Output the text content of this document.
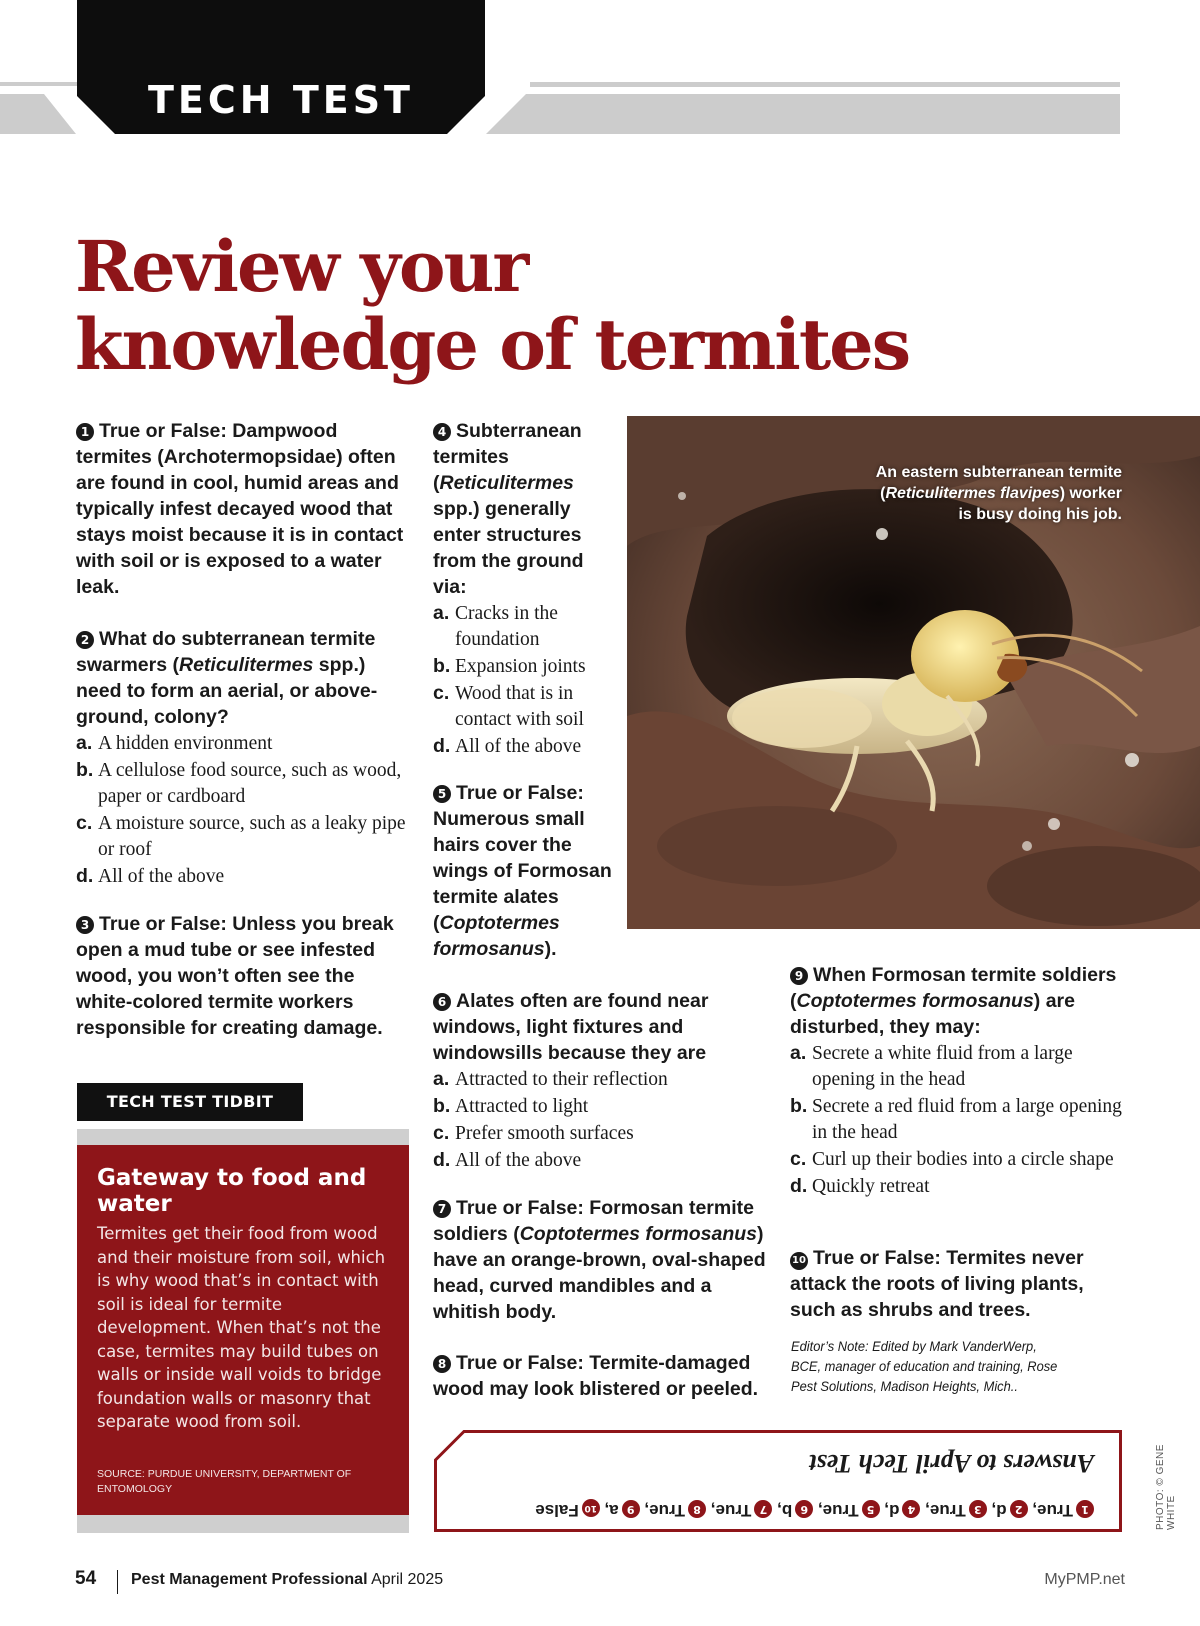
TECH TEST
Review your
knowledge of termites
1 True or False: Dampwood termites (Archotermopsidae) often are found in cool, humid areas and typically infest decayed wood that stays moist because it is in contact with soil or is exposed to a water leak.
2 What do subterranean termite swarmers (Reticulitermes spp.) need to form an aerial, or above-ground, colony?
a. A hidden environment
b. A cellulose food source, such as wood, paper or cardboard
c. A moisture source, such as a leaky pipe or roof
d. All of the above
3 True or False: Unless you break open a mud tube or see infested wood, you won’t often see the white-colored termite workers responsible for creating damage.
4 Subterranean termites (Reticulitermes spp.) generally enter structures from the ground via:
a. Cracks in the foundation
b. Expansion joints
c. Wood that is in contact with soil
d. All of the above
5 True or False: Numerous small hairs cover the wings of Formosan termite alates (Coptotermes formosanus).
6 Alates often are found near windows, light fixtures and windowsills because they are
a. Attracted to their reflection
b. Attracted to light
c. Prefer smooth surfaces
d. All of the above
7 True or False: Formosan termite soldiers (Coptotermes formosanus) have an orange-brown, oval-shaped head, curved mandibles and a whitish body.
8 True or False: Termite-damaged wood may look blistered or peeled.
An eastern subterranean termite (Reticulitermes flavipes) worker is busy doing his job.
9 When Formosan termite soldiers (Coptotermes formosanus) are disturbed, they may:
a. Secrete a white fluid from a large opening in the head
b. Secrete a red fluid from a large opening in the head
c. Curl up their bodies into a circle shape
d. Quickly retreat
10 True or False: Termites never attack the roots of living plants, such as shrubs and trees.
Editor’s Note: Edited by Mark VanderWerp, BCE, manager of education and training, Rose Pest Solutions, Madison Heights, Mich..
TECH TEST TIDBIT
Gateway to food and water
Termites get their food from wood and their moisture from soil, which is why wood that’s in contact with soil is ideal for termite development. When that’s not the case, termites may build tubes on walls or inside wall voids to bridge foundation walls or masonry that separate wood from soil.
SOURCE: PURDUE UNIVERSITY, DEPARTMENT OF ENTOMOLOGY
Answers to April Tech Test
1True, 2d, 3True, 4d, 5True, 6b, 7True, 8True, 9a, 10False	PHOTO: © GENE WHITE
54 Pest Management Professional April 2025	MyPMP.net
